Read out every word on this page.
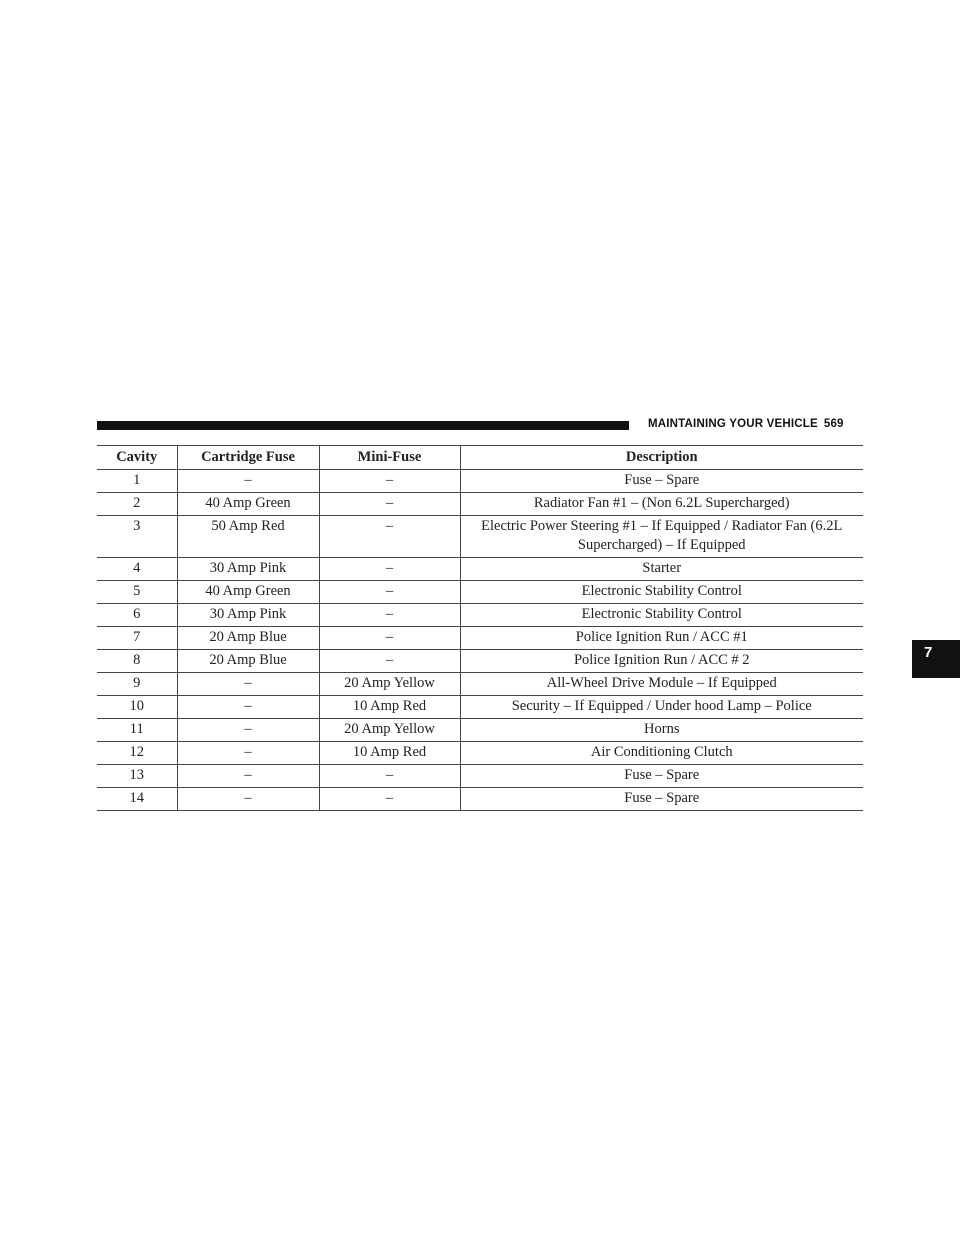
MAINTAINING YOUR VEHICLE 569
7
Cavity	Cartridge Fuse	Mini-Fuse	Description
1	–	–	Fuse – Spare
2	40 Amp Green	–	Radiator Fan #1 – (Non 6.2L Supercharged)
3	50 Amp Red	–	Electric Power Steering #1 – If Equipped / Radiator Fan (6.2L Supercharged) – If Equipped
4	30 Amp Pink	–	Starter
5	40 Amp Green	–	Electronic Stability Control
6	30 Amp Pink	–	Electronic Stability Control
7	20 Amp Blue	–	Police Ignition Run / ACC #1
8	20 Amp Blue	–	Police Ignition Run / ACC # 2
9	–	20 Amp Yellow	All-Wheel Drive Module – If Equipped
10	–	10 Amp Red	Security – If Equipped / Under hood Lamp – Police
11	–	20 Amp Yellow	Horns
12	–	10 Amp Red	Air Conditioning Clutch
13	–	–	Fuse – Spare
14	–	–	Fuse – Spare
